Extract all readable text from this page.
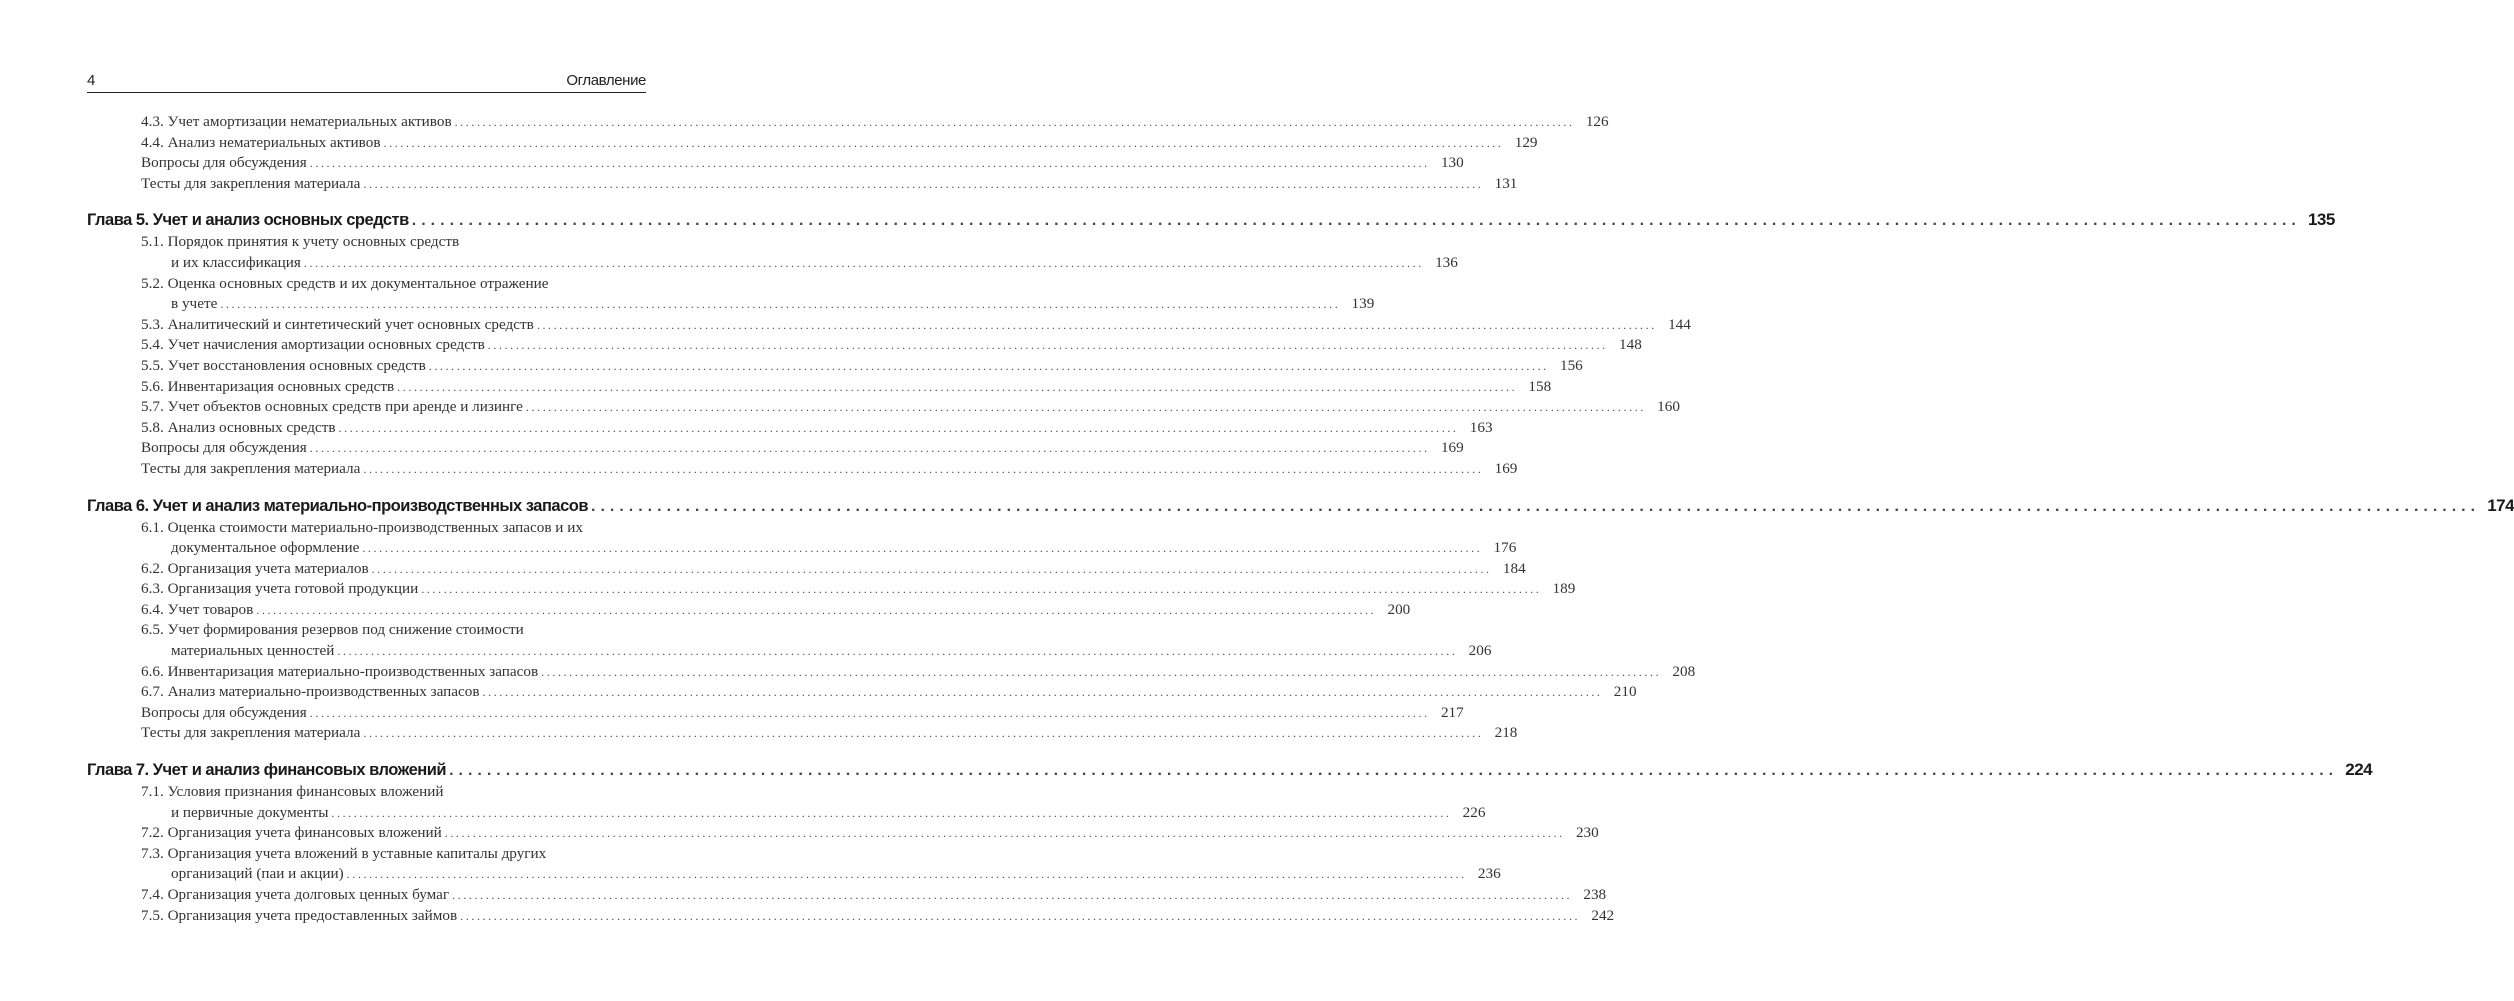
4	Оглавление
4.3. Учет амортизации нематериальных активов ........................................................................................................................................................................................................ 126
4.4. Анализ нематериальных активов ........................................................................................................................................................................................................ 129
Вопросы для обсуждения ........................................................................................................................................................................................................ 130
Тесты для закрепления материала ........................................................................................................................................................................................................ 131
Глава 5. Учет и анализ основных средств ........................................................................................................................................................................................................ 135
5.1. Порядок принятия к учету основных средств
и их классификация ........................................................................................................................................................................................................ 136
5.2. Оценка основных средств и их документальное отражение
в учете ........................................................................................................................................................................................................ 139
5.3. Аналитический и синтетический учет основных средств ........................................................................................................................................................................................................ 144
5.4. Учет начисления амортизации основных средств ........................................................................................................................................................................................................ 148
5.5. Учет восстановления основных средств ........................................................................................................................................................................................................ 156
5.6. Инвентаризация основных средств ........................................................................................................................................................................................................ 158
5.7. Учет объектов основных средств при аренде и лизинге ........................................................................................................................................................................................................ 160
5.8. Анализ основных средств ........................................................................................................................................................................................................ 163
Вопросы для обсуждения ........................................................................................................................................................................................................ 169
Тесты для закрепления материала ........................................................................................................................................................................................................ 169
Глава 6. Учет и анализ материально-производственных запасов ........................................................................................................................................................................................................ 174
6.1. Оценка стоимости материально-производственных запасов и их
документальное оформление ........................................................................................................................................................................................................ 176
6.2. Организация учета материалов ........................................................................................................................................................................................................ 184
6.3. Организация учета готовой продукции ........................................................................................................................................................................................................ 189
6.4. Учет товаров ........................................................................................................................................................................................................ 200
6.5. Учет формирования резервов под снижение стоимости
материальных ценностей ........................................................................................................................................................................................................ 206
6.6. Инвентаризация материально-производственных запасов ........................................................................................................................................................................................................ 208
6.7. Анализ материально-производственных запасов ........................................................................................................................................................................................................ 210
Вопросы для обсуждения ........................................................................................................................................................................................................ 217
Тесты для закрепления материала ........................................................................................................................................................................................................ 218
Глава 7. Учет и анализ финансовых вложений ........................................................................................................................................................................................................ 224
7.1. Условия признания финансовых вложений
и первичные документы ........................................................................................................................................................................................................ 226
7.2. Организация учета финансовых вложений ........................................................................................................................................................................................................ 230
7.3. Организация учета вложений в уставные капиталы других
организаций (паи и акции) ........................................................................................................................................................................................................ 236
7.4. Организация учета долговых ценных бумаг ........................................................................................................................................................................................................ 238
7.5. Организация учета предоставленных займов ........................................................................................................................................................................................................ 242
